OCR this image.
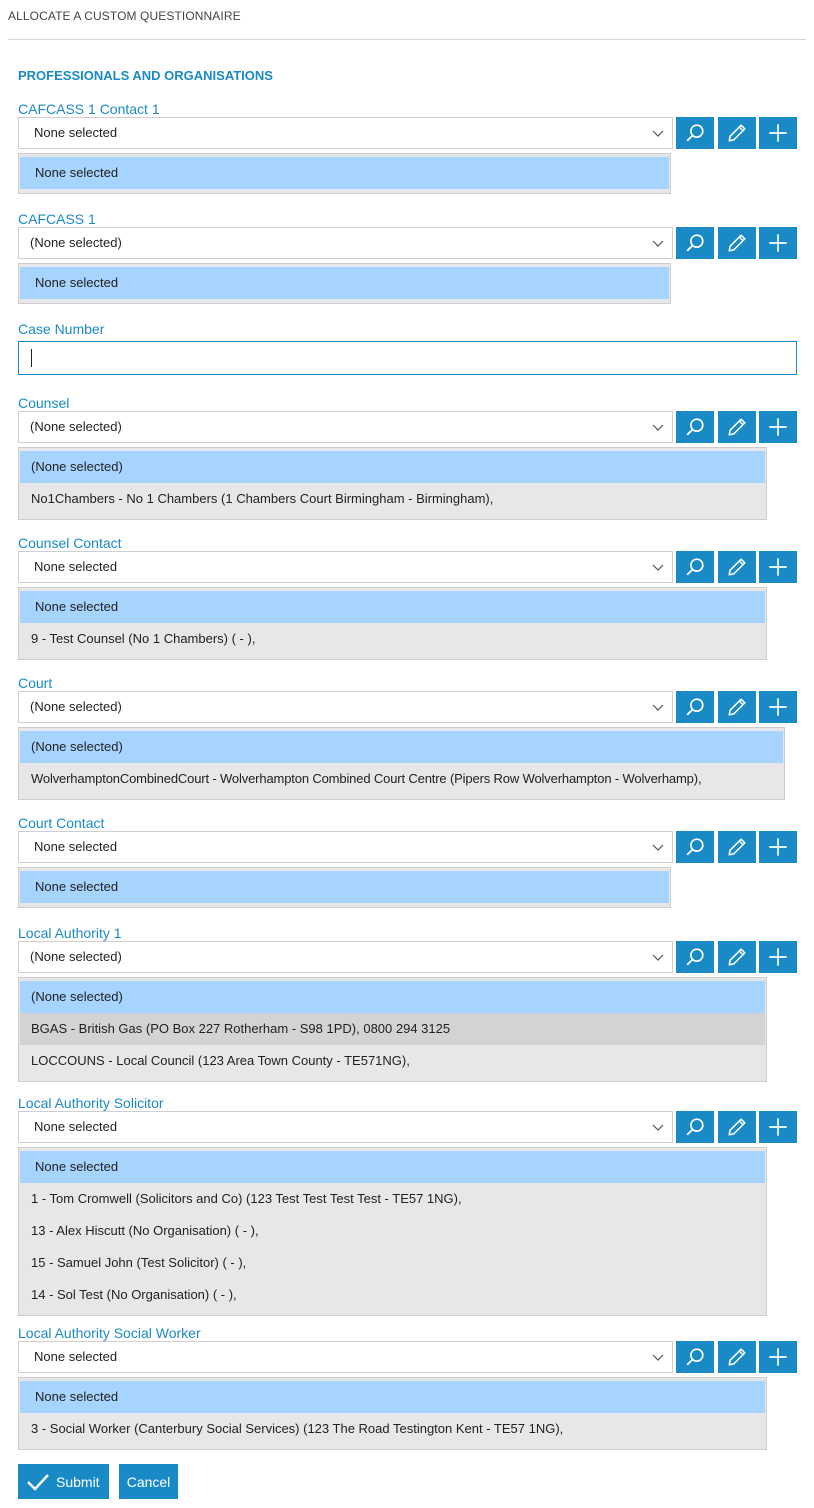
ALLOCATE A CUSTOM QUESTIONNAIRE
PROFESSIONALS AND ORGANISATIONS
CAFCASS 1 Contact 1
None selected
None selected
CAFCASS 1
(None selected)
None selected
Case Number
Counsel
(None selected)
(None selected)
No1Chambers - No 1 Chambers (1 Chambers Court Birmingham - Birmingham),
Counsel Contact
None selected
None selected
9 - Test Counsel (No 1 Chambers) ( - ),
Court
(None selected)
(None selected)
WolverhamptonCombinedCourt - Wolverhampton Combined Court Centre (Pipers Row Wolverhampton - Wolverhamp),
Court Contact
None selected
None selected
Local Authority 1
(None selected)
(None selected)
BGAS - British Gas (PO Box 227 Rotherham - S98 1PD), 0800 294 3125
LOCCOUNS - Local Council (123 Area Town County - TE571NG),
Local Authority Solicitor
None selected
None selected
1 - Tom Cromwell (Solicitors and Co) (123 Test Test Test Test - TE57 1NG),
13 - Alex Hiscutt (No Organisation) ( - ),
15 - Samuel John (Test Solicitor) ( - ),
14 - Sol Test (No Organisation) ( - ),
Local Authority Social Worker
None selected
None selected
3 - Social Worker (Canterbury Social Services) (123 The Road Testington Kent - TE57 1NG),
Submit Cancel
